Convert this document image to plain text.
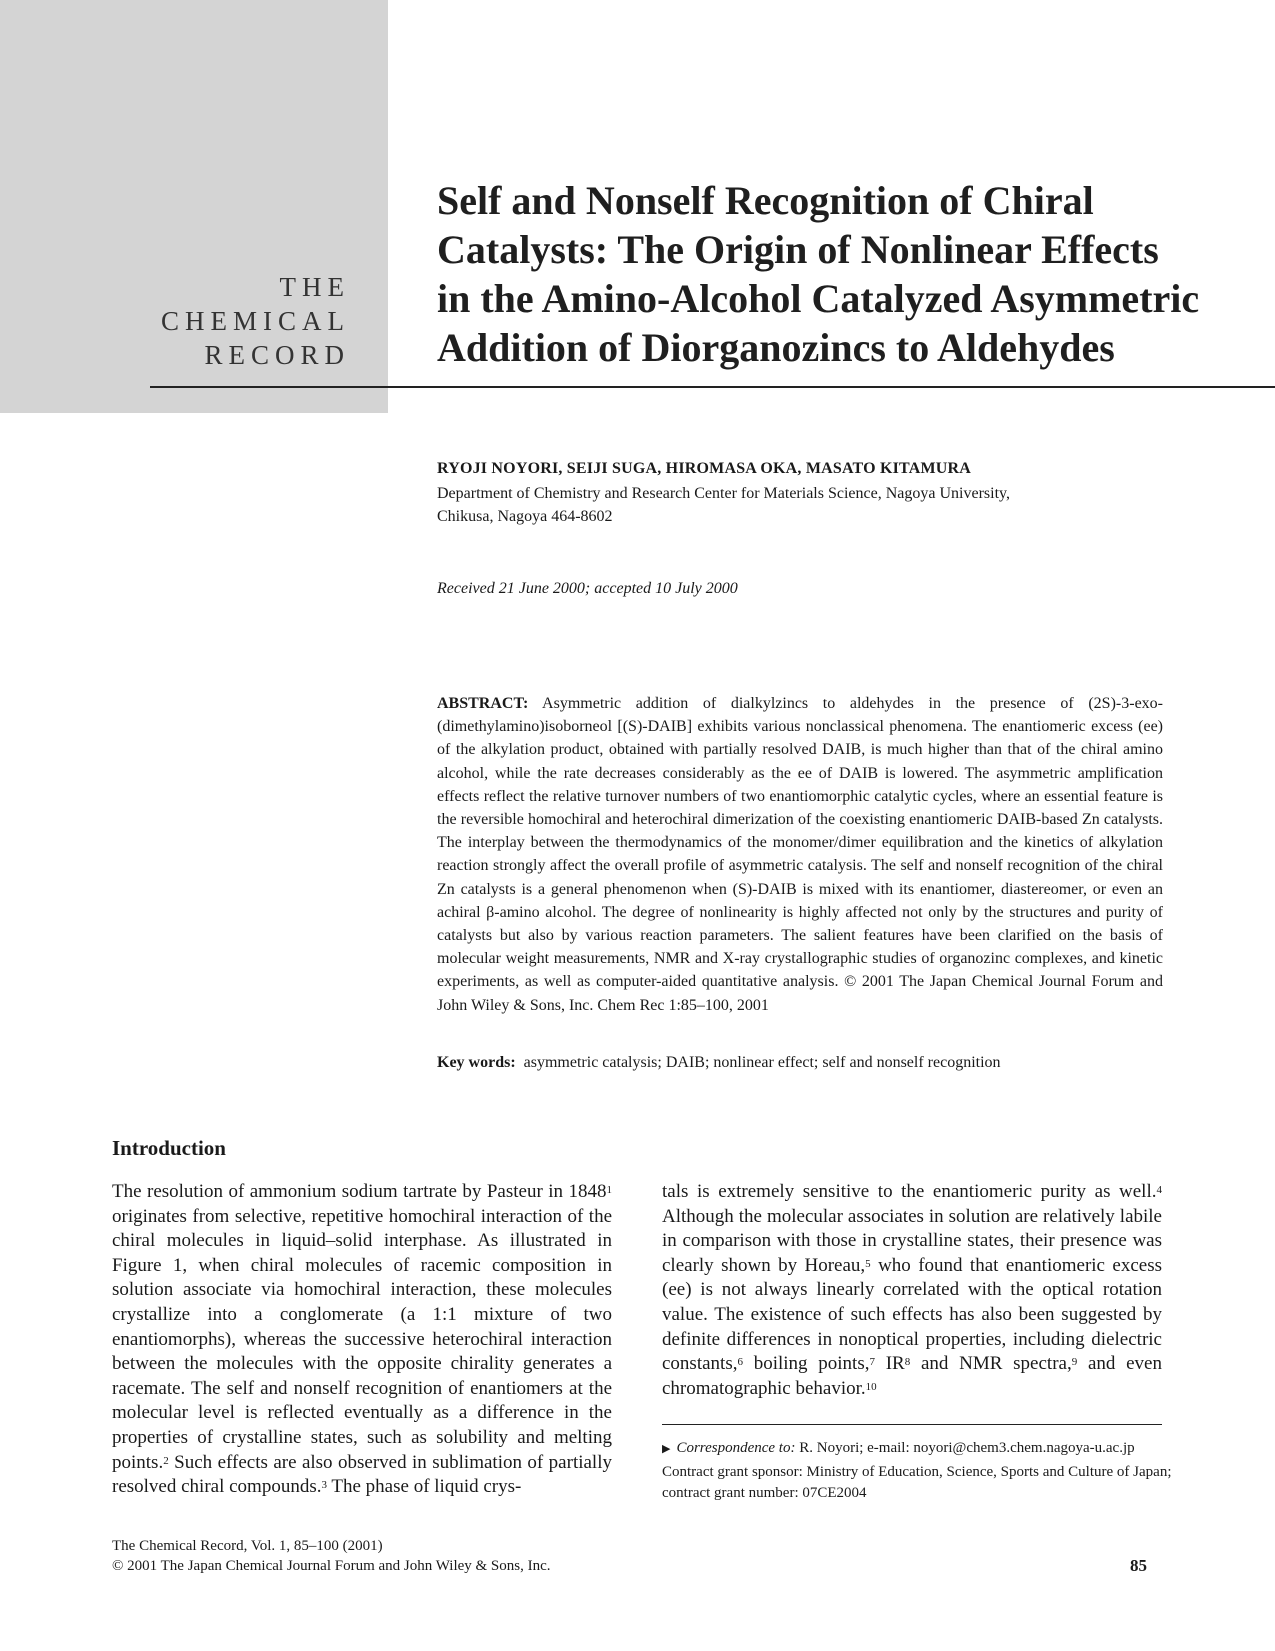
THE
CHEMICAL
RECORD
Self and Nonself Recognition of Chiral
Catalysts: The Origin of Nonlinear Effects
in the Amino-Alcohol Catalyzed Asymmetric
Addition of Diorganozincs to Aldehydes
RYOJI NOYORI, SEIJI SUGA, HIROMASA OKA, MASATO KITAMURA
Department of Chemistry and Research Center for Materials Science, Nagoya University,
Chikusa, Nagoya 464-8602
Received 21 June 2000; accepted 10 July 2000

ABSTRACT: Asymmetric addition of dialkylzincs to aldehydes in the presence of (2S)-3-exo-(dimethylamino)isoborneol [(S)-DAIB] exhibits various nonclassical phenomena. The enantiomeric excess (ee) of the alkylation product, obtained with partially resolved DAIB, is much higher than that of the chiral amino alcohol, while the rate decreases considerably as the ee of DAIB is lowered. The asymmetric amplification effects reflect the relative turnover numbers of two enantiomorphic catalytic cycles, where an essential feature is the reversible homochiral and heterochiral dimerization of the coexisting enantiomeric DAIB-based Zn catalysts. The interplay between the thermodynamics of the monomer/dimer equilibration and the kinetics of alkylation reaction strongly affect the overall profile of asymmetric catalysis. The self and nonself recognition of the chiral Zn catalysts is a general phenomenon when (S)-DAIB is mixed with its enantiomer, diastereomer, or even an achiral β-amino alcohol. The degree of nonlinearity is highly affected not only by the structures and purity of catalysts but also by various reaction parameters. The salient features have been clarified on the basis of molecular weight measurements, NMR and X-ray crystallographic studies of organozinc complexes, and kinetic experiments, as well as computer-aided quantitative analysis. © 2001 The Japan Chemical Journal Forum and John Wiley & Sons, Inc. Chem Rec 1:85–100, 2001

Key words: asymmetric catalysis; DAIB; nonlinear effect; self and nonself recognition
Introduction

The resolution of ammonium sodium tartrate by Pasteur in 1848$^1$ originates from selective, repetitive homochiral interaction of the chiral molecules in liquid–solid interphase. As illustrated in Figure 1, when chiral molecules of racemic composition in solution associate via homochiral interaction, these molecules crystallize into a conglomerate (a 1:1 mixture of two enantiomorphs), whereas the successive heterochiral interaction between the molecules with the opposite chirality generates a racemate. The self and nonself recognition of enantiomers at the molecular level is reflected eventually as a difference in the properties of crystalline states, such as solubility and melting points.$^2$ Such effects are also observed in sublimation of partially resolved chiral compounds.$^3$ The phase of liquid crys-

tals is extremely sensitive to the enantiomeric purity as well.$^4$ Although the molecular associates in solution are relatively labile in comparison with those in crystalline states, their presence was clearly shown by Horeau,$^5$ who found that enantiomeric excess (ee) is not always linearly correlated with the optical rotation value. The existence of such effects has also been suggested by definite differences in nonoptical properties, including dielectric constants,$^6$ boiling points,$^7$ $IR^8$ and NMR spectra,$^9$ and even chromatographic behavior.$^{10}$

▶ Correspondence to: R. Noyori; e-mail: noyori@chem3.chem.nagoya-u.ac.jp
Contract grant sponsor: Ministry of Education, Science, Sports and Culture of Japan; contract grant number: 07CE2004
The Chemical Record, Vol. 1, 85–100 (2001)
© 2001 The Japan Chemical Journal Forum and John Wiley & Sons, Inc.	85
